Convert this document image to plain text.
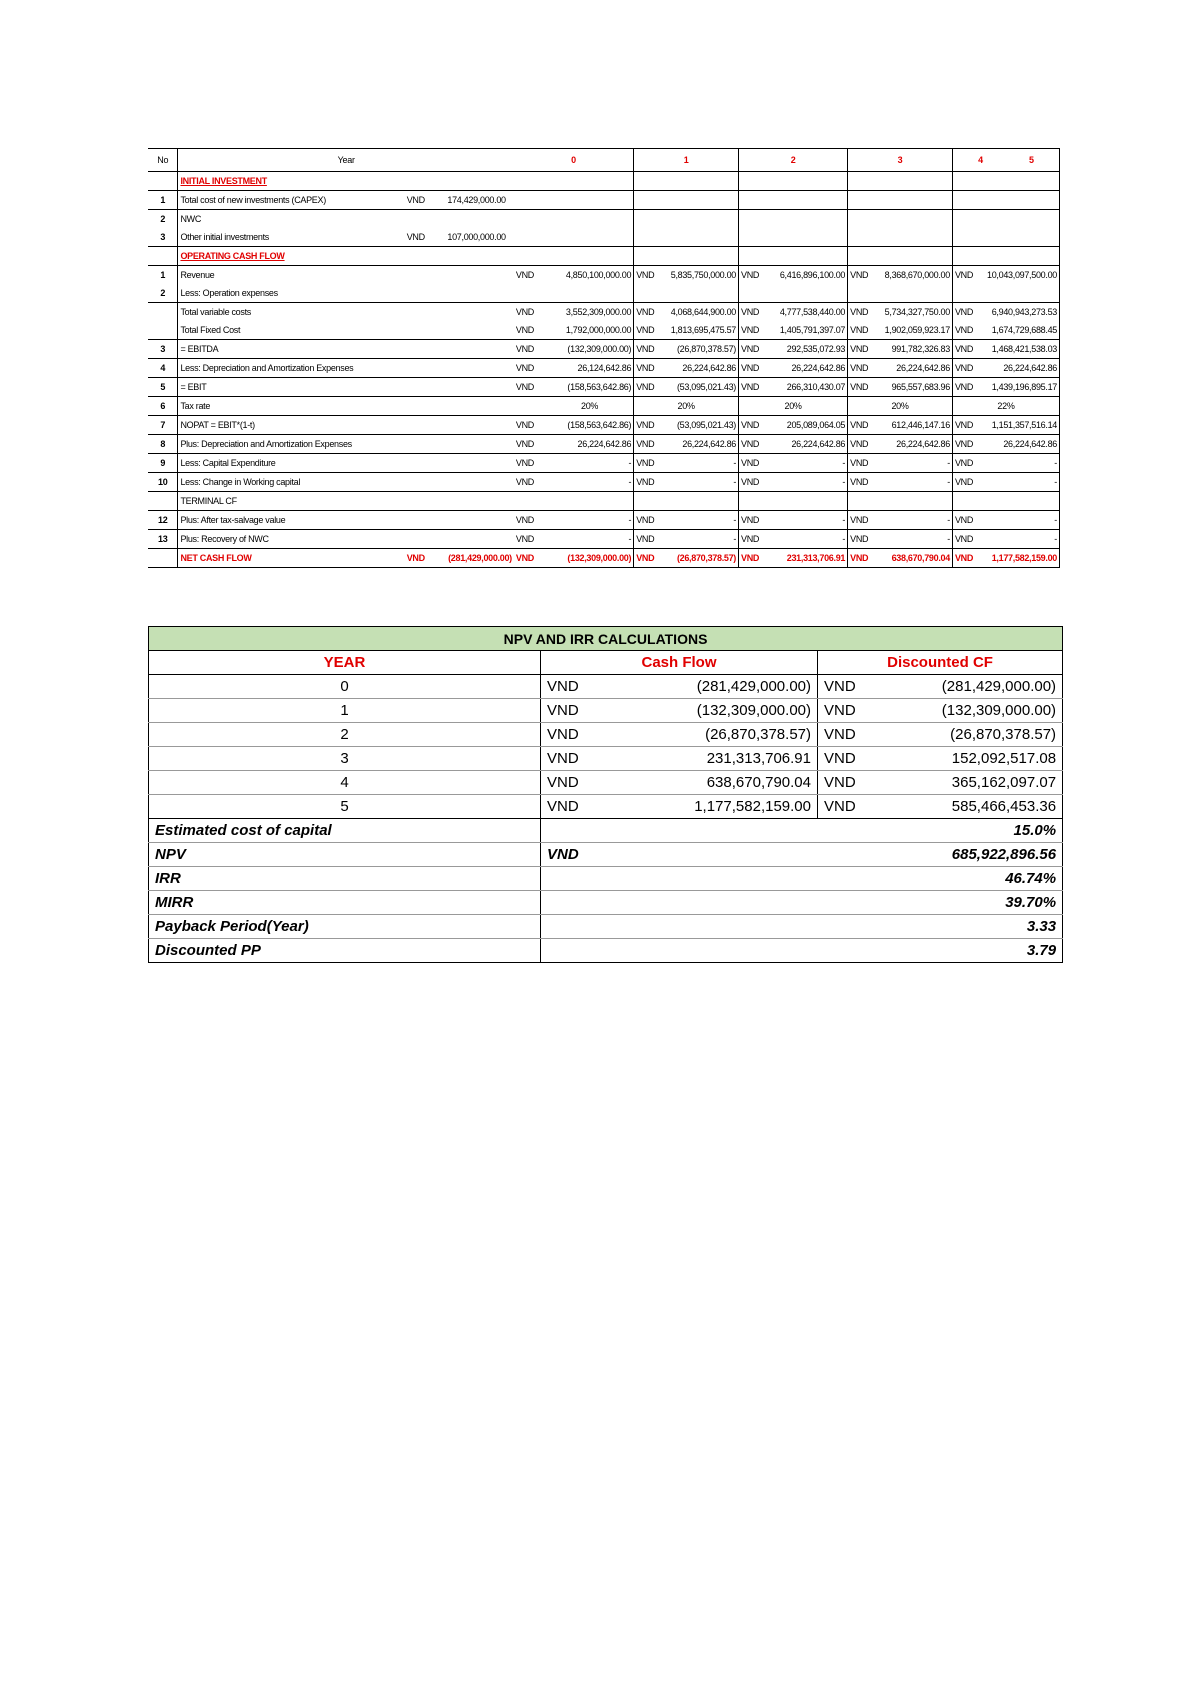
No	Year			0		1		2		3		4 5	
	INITIAL INVESTMENT												
1	Total cost of new investments (CAPEX)	VND	174,429,000.00										
2	NWC												
3	Other initial investments	VND	107,000,000.00										
	OPERATING CASH FLOW												
1	Revenue			VND	4,850,100,000.00	VND	5,835,750,000.00	VND	6,416,896,100.00	VND	8,368,670,000.00	VND	10,043,097,500.00
2	Less: Operation expenses												
	Total variable costs			VND	3,552,309,000.00	VND	4,068,644,900.00	VND	4,777,538,440.00	VND	5,734,327,750.00	VND	6,940,943,273.53
	Total Fixed Cost			VND	1,792,000,000.00	VND	1,813,695,475.57	VND	1,405,791,397.07	VND	1,902,059,923.17	VND	1,674,729,688.45
3	= EBITDA			VND	(132,309,000.00)	VND	(26,870,378.57)	VND	292,535,072.93	VND	991,782,326.83	VND	1,468,421,538.03
4	Less: Depreciation and Amortization Expenses			VND	26,124,642.86	VND	26,224,642.86	VND	26,224,642.86	VND	26,224,642.86	VND	26,224,642.86
5	= EBIT			VND	(158,563,642.86)	VND	(53,095,021.43)	VND	266,310,430.07	VND	965,557,683.96	VND	1,439,196,895.17
6	Tax rate				20%	20%		20%		20%		22%	
7	NOPAT = EBIT*(1-t)			VND	(158,563,642.86)	VND	(53,095,021.43)	VND	205,089,064.05	VND	612,446,147.16	VND	1,151,357,516.14
8	Plus: Depreciation and Amortization Expenses			VND	26,224,642.86	VND	26,224,642.86	VND	26,224,642.86	VND	26,224,642.86	VND	26,224,642.86
9	Less: Capital Expenditure			VND	-	VND	-	VND	-	VND	-	VND	-
10	Less: Change in Working capital			VND	-	VND	-	VND	-	VND	-	VND	-
	TERMINAL CF												
12	Plus: After tax-salvage value			VND	-	VND	-	VND	-	VND	-	VND	-
13	Plus: Recovery of NWC			VND	-	VND	-	VND	-	VND	-	VND	-
	NET CASH FLOW	VND	(281,429,000.00)	VND	(132,309,000.00)	VND	(26,870,378.57)	VND	231,313,706.91	VND	638,670,790.04	VND	1,177,582,159.00
NPV AND IRR CALCULATIONS				
YEAR	Cash Flow		Discounted CF	
0	VND	(281,429,000.00)	VND	(281,429,000.00)
1	VND	(132,309,000.00)	VND	(132,309,000.00)
2	VND	(26,870,378.57)	VND	(26,870,378.57)
3	VND	231,313,706.91	VND	152,092,517.08
4	VND	638,670,790.04	VND	365,162,097.07
5	VND	1,177,582,159.00	VND	585,466,453.36
Estimated cost of capital	15.0%			
NPV	VND	685,922,896.56		
IRR	46.74%			
MIRR	39.70%			
Payback Period(Year)	3.33			
Discounted PP	3.79			
